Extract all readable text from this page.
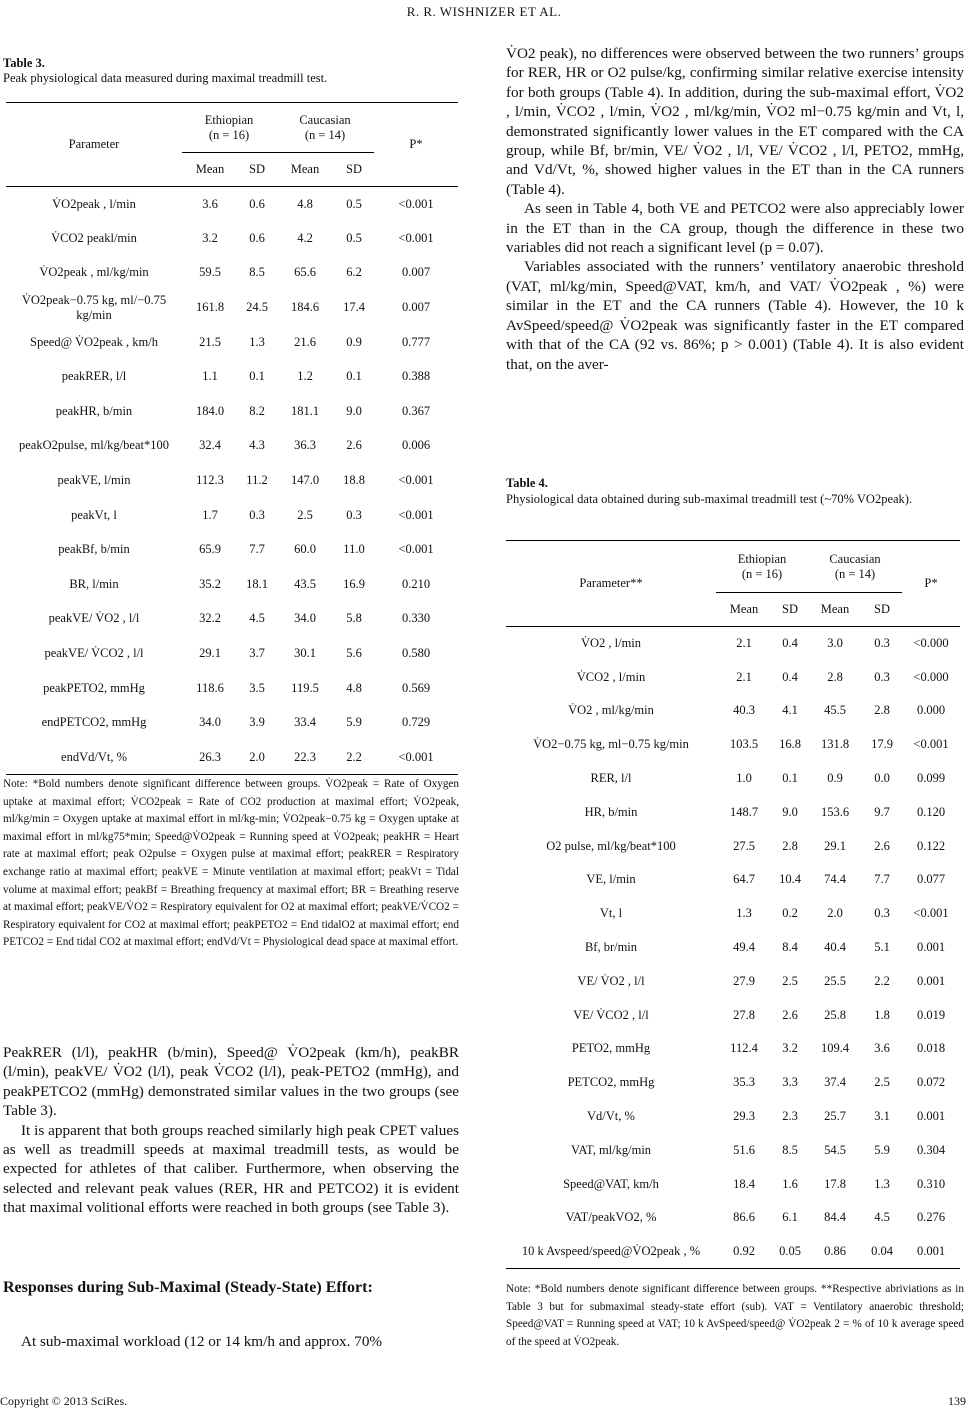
R. R. WISHNIZER ET AL.
Table 3.
Peak physiological data measured during maximal treadmill test.
Parameter	Ethiopian
(n = 16)		Caucasian
(n = 14)		P*
	Mean	SD	Mean	SD	
V̇O2peak , l/min	3.6	0.6	4.8	0.5	<0.001
V̇CO2 peakl/min	3.2	0.6	4.2	0.5	<0.001
V̇O2peak , ml/kg/min	59.5	8.5	65.6	6.2	0.007
V̇O2peak−0.75 kg, ml/−0.75 kg/min	161.8	24.5	184.6	17.4	0.007
Speed@ V̇O2peak , km/h	21.5	1.3	21.6	0.9	0.777
peakRER, l/l	1.1	0.1	1.2	0.1	0.388
peakHR, b/min	184.0	8.2	181.1	9.0	0.367
peakO2pulse, ml/kg/beat*100	32.4	4.3	36.3	2.6	0.006
peakVE, l/min	112.3	11.2	147.0	18.8	<0.001
peakVt, l	1.7	0.3	2.5	0.3	<0.001
peakBf, b/min	65.9	7.7	60.0	11.0	<0.001
BR, l/min	35.2	18.1	43.5	16.9	0.210
peakVE/ V̇O2 , l/l	32.2	4.5	34.0	5.8	0.330
peakVE/ V̇CO2 , l/l	29.1	3.7	30.1	5.6	0.580
peakPETO2, mmHg	118.6	3.5	119.5	4.8	0.569
endPETCO2, mmHg	34.0	3.9	33.4	5.9	0.729
endVd/Vt, %	26.3	2.0	22.3	2.2	<0.001
Note: *Bold numbers denote significant difference between groups. V̇O2peak = Rate of Oxygen uptake at maximal effort; V̇CO2peak = Rate of CO2 production at maximal effort; V̇O2peak, ml/kg/min = Oxygen uptake at maximal effort in ml/kg-min; V̇O2peak−0.75 kg = Oxygen uptake at maximal effort in ml/kg75*min; Speed@V̇O2peak = Running speed at V̇O2peak; peakHR = Heart rate at maximal effort; peak O2pulse = Oxygen pulse at maximal effort; peakRER = Respiratory exchange ratio at maximal effort; peakVE = Minute ventilation at maximal effort; peakVt = Tidal volume at maximal effort; peakBf = Breathing frequency at maximal effort; BR = Breathing reserve at maximal effort; peakVE/V̇O2 = Respiratory equivalent for O2 at maximal effort; peakVE/V̇CO2 = Respiratory equivalent for CO2 at maximal effort; peakPETO2 = End tidalO2 at maximal effort; end PETCO2 = End tidal CO2 at maximal effort; endVd/Vt = Physiological dead space at maximal effort.

PeakRER (l/l), peakHR (b/min), Speed@ V̇O2peak (km/h), peakBR (l/min), peakVE/ V̇O2 (l/l), peak V̇CO2 (l/l), peak-PETO2 (mmHg), and peakPETCO2 (mmHg) demonstrated similar values in the two groups (see Table 3).

It is apparent that both groups reached similarly high peak CPET values as well as treadmill speeds at maximal treadmill tests, as would be expected for athletes of that caliber. Furthermore, when observing the selected and relevant peak values (RER, HR and PETCO2) it is evident that maximal volitional efforts were reached in both groups (see Table 3).

Responses during Sub-Maximal (Steady-State) Effort:

At sub-maximal workload (12 or 14 km/h and approx. 70%

V̇O2 peak), no differences were observed between the two runners’ groups for RER, HR or O2 pulse/kg, confirming similar relative exercise intensity for both groups (Table 4). In addition, during the sub-maximal effort, V̇O2 , l/min, V̇CO2 , l/min, V̇O2 , ml/kg/min, V̇O2 ml−0.75 kg/min and Vt, l, demonstrated significantly lower values in the ET compared with the CA group, while Bf, br/min, VE/ V̇O2 , l/l, VE/ V̇CO2 , l/l, PETO2, mmHg, and Vd/Vt, %, showed higher values in the ET than in the CA runners (Table 4).

As seen in Table 4, both VE and PETCO2 were also appreciably lower in the ET than in the CA group, though the difference in these two variables did not reach a significant level (p = 0.07).

Variables associated with the runners’ ventilatory anaerobic threshold (VAT, ml/kg/min, Speed@VAT, km/h, and VAT/ V̇O2peak , %) were similar in the ET and the CA runners (Table 4). However, the 10 k AvSpeed/speed@ V̇O2peak was significantly faster in the ET compared with that of the CA (92 vs. 86%; p > 0.001) (Table 4). It is also evident that, on the aver-

Table 4.
Physiological data obtained during sub-maximal treadmill test (~70% VO2peak).
Parameter**	Ethiopian
(n = 16)		Caucasian
(n = 14)		P*
	Mean	SD	Mean	SD	
V̇O2 , l/min	2.1	0.4	3.0	0.3	<0.000
V̇CO2 , l/min	2.1	0.4	2.8	0.3	<0.000
V̇O2 , ml/kg/min	40.3	4.1	45.5	2.8	0.000
V̇O2−0.75 kg, ml−0.75 kg/min	103.5	16.8	131.8	17.9	<0.001
RER, l/l	1.0	0.1	0.9	0.0	0.099
HR, b/min	148.7	9.0	153.6	9.7	0.120
O2 pulse, ml/kg/beat*100	27.5	2.8	29.1	2.6	0.122
VE, l/min	64.7	10.4	74.4	7.7	0.077
Vt, l	1.3	0.2	2.0	0.3	<0.001
Bf, br/min	49.4	8.4	40.4	5.1	0.001
VE/ V̇O2 , l/l	27.9	2.5	25.5	2.2	0.001
VE/ V̇CO2 , l/l	27.8	2.6	25.8	1.8	0.019
PETO2, mmHg	112.4	3.2	109.4	3.6	0.018
PETCO2, mmHg	35.3	3.3	37.4	2.5	0.072
Vd/Vt, %	29.3	2.3	25.7	3.1	0.001
VAT, ml/kg/min	51.6	8.5	54.5	5.9	0.304
Speed@VAT, km/h	18.4	1.6	17.8	1.3	0.310
VAT/peakVO2, %	86.6	6.1	84.4	4.5	0.276
10 k Avspeed/speed@V̇O2peak , %	0.92	0.05	0.86	0.04	0.001
Note: *Bold numbers denote significant difference between groups. **Respective abriviations as in Table 3 but for submaximal steady-state effort (sub). VAT = Ventilatory anaerobic threshold; Speed@VAT = Running speed at VAT; 10 k AvSpeed/speed@ V̇O2peak 2 = % of 10 k average speed of the speed at V̇O2peak.
Copyright © 2013 SciRes.	139
